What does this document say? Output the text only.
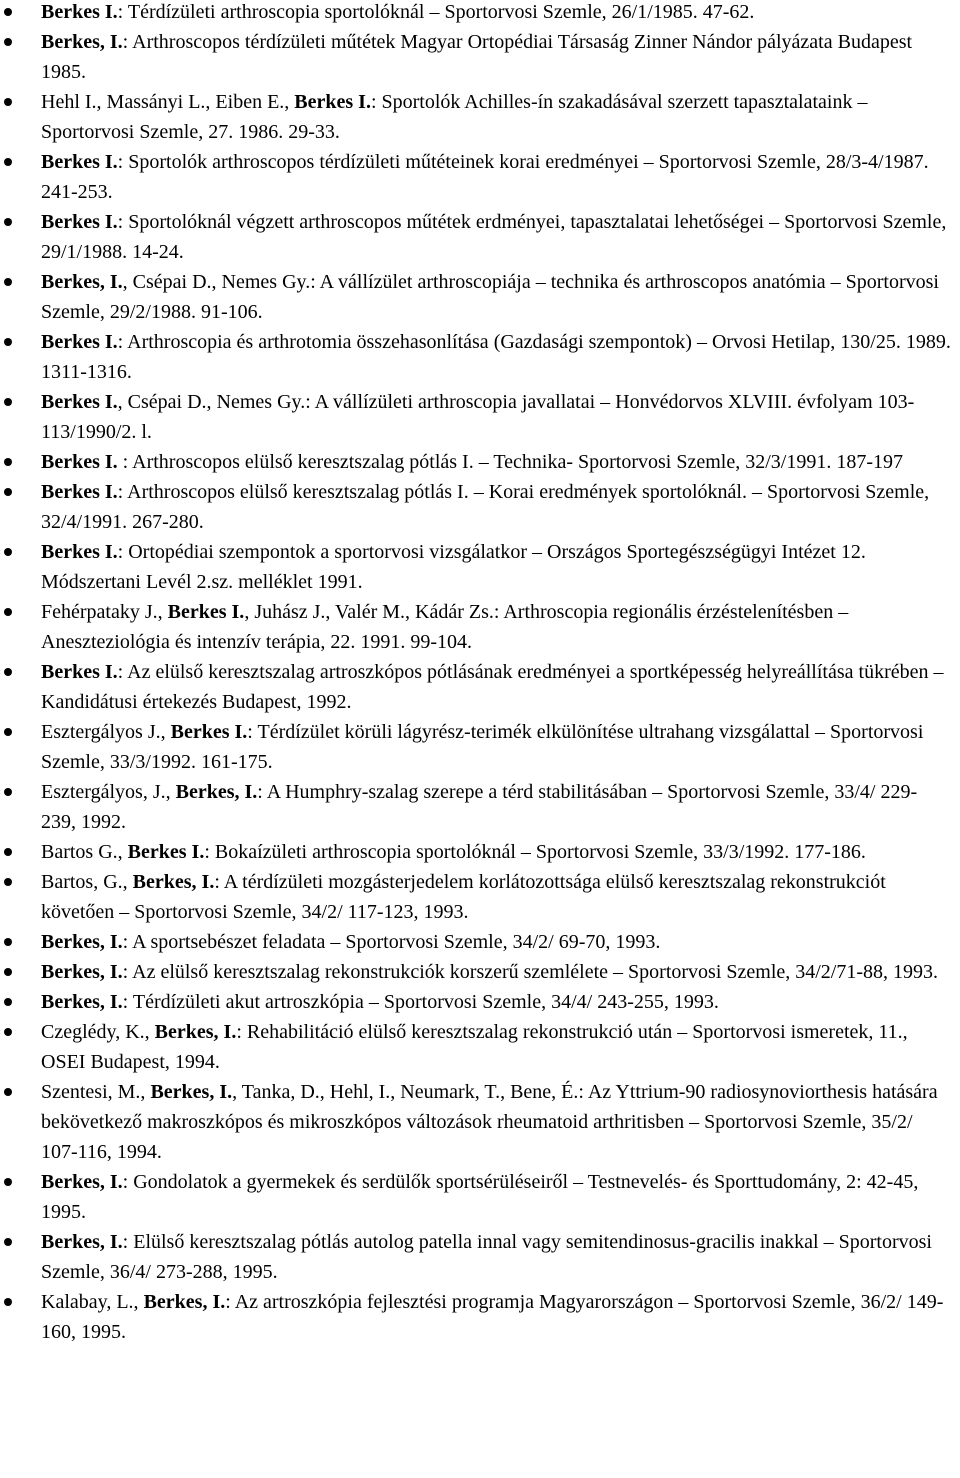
Berkes I.: Térdízületi arthroscopia sportolóknál – Sportorvosi Szemle, 26/1/1985. 47-62.
Berkes, I.: Arthroscopos térdízületi műtétek Magyar Ortopédiai Társaság Zinner Nándor pályázata Budapest 1985.
Hehl I., Massányi L., Eiben E., Berkes I.: Sportolók Achilles-ín szakadásával szerzett tapasztalataink – Sportorvosi Szemle, 27. 1986. 29-33.
Berkes I.: Sportolók arthroscopos térdízületi műtéteinek korai eredményei – Sportorvosi Szemle, 28/3-4/1987. 241-253.
Berkes I.: Sportolóknál végzett arthroscopos műtétek erdményei, tapasztalatai lehetőségei – Sportorvosi Szemle, 29/1/1988. 14-24.
Berkes, I., Csépai D., Nemes Gy.: A vállízület arthroscopiája – technika és arthroscopos anatómia – Sportorvosi Szemle, 29/2/1988. 91-106.
Berkes I.: Arthroscopia és arthrotomia összehasonlítása (Gazdasági szempontok) – Orvosi Hetilap, 130/25. 1989. 1311-1316.
Berkes I., Csépai D., Nemes Gy.: A vállízületi arthroscopia javallatai – Honvédorvos XLVIII. évfolyam 103-113/1990/2. l.
Berkes I. : Arthroscopos elülső keresztszalag pótlás I. – Technika- Sportorvosi Szemle, 32/3/1991. 187-197
Berkes I.: Arthroscopos elülső keresztszalag pótlás I. – Korai eredmények sportolóknál. – Sportorvosi Szemle, 32/4/1991. 267-280.
Berkes I.: Ortopédiai szempontok a sportorvosi vizsgálatkor – Országos Sportegészségügyi Intézet 12. Módszertani Levél 2.sz. melléklet 1991.
Fehérpataky J., Berkes I., Juhász J., Valér M., Kádár Zs.: Arthroscopia regionális érzéstelenítésben – Aneszteziológia és intenzív terápia, 22. 1991. 99-104.
Berkes I.: Az elülső keresztszalag artroszkópos pótlásának eredményei a sportképesség helyreállítása tükrében – Kandidátusi értekezés Budapest, 1992.
Esztergályos J., Berkes I.: Térdízület körüli lágyrész-terimék elkülönítése ultrahang vizsgálattal – Sportorvosi Szemle, 33/3/1992. 161-175.
Esztergályos, J., Berkes, I.: A Humphry-szalag szerepe a térd stabilitásában – Sportorvosi Szemle, 33/4/ 229-239, 1992.
Bartos G., Berkes I.: Bokaízületi arthroscopia sportolóknál – Sportorvosi Szemle, 33/3/1992. 177-186.
Bartos, G., Berkes, I.: A térdízületi mozgásterjedelem korlátozottsága elülső keresztszalag rekonstrukciót követően – Sportorvosi Szemle, 34/2/ 117-123, 1993.
Berkes, I.: A sportsebészet feladata – Sportorvosi Szemle, 34/2/ 69-70, 1993.
Berkes, I.: Az elülső keresztszalag rekonstrukciók korszerű szemlélete – Sportorvosi Szemle, 34/2/71-88, 1993.
Berkes, I.: Térdízületi akut artroszkópia – Sportorvosi Szemle, 34/4/ 243-255, 1993.
Czeglédy, K., Berkes, I.: Rehabilitáció elülső keresztszalag rekonstrukció után – Sportorvosi ismeretek, 11., OSEI Budapest, 1994.
Szentesi, M., Berkes, I., Tanka, D., Hehl, I., Neumark, T., Bene, É.: Az Yttrium-90 radiosynoviorthesis hatására bekövetkező makroszkópos és mikroszkópos változások rheumatoid arthritisben – Sportorvosi Szemle, 35/2/ 107-116, 1994.
Berkes, I.: Gondolatok a gyermekek és serdülők sportsérüléseiről – Testnevelés- és Sporttudomány, 2: 42-45, 1995.
Berkes, I.: Elülső keresztszalag pótlás autolog patella innal vagy semitendinosus-gracilis inakkal – Sportorvosi Szemle, 36/4/ 273-288, 1995.
Kalabay, L., Berkes, I.: Az artroszkópia fejlesztési programja Magyarországon – Sportorvosi Szemle, 36/2/ 149-160, 1995.
